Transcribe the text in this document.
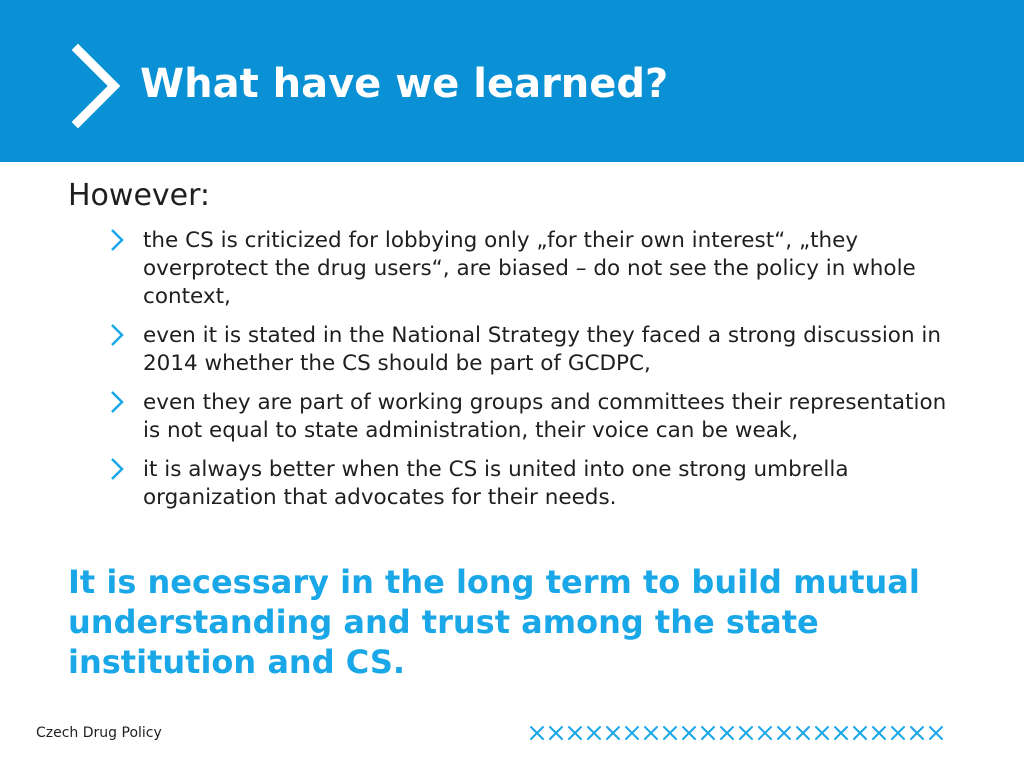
What have we learned?
However:
the CS is criticized for lobbying only „for their own interest“, „they overprotect the drug users“, are biased – do not see the policy in whole context,
even it is stated in the National Strategy they faced a strong discussion in 2014 whether the CS should be part of GCDPC,
even they are part of working groups and committees their representation is not equal to state administration, their voice can be weak,
it is always better when the CS is united into one strong umbrella organization that advocates for their needs.
It is necessary in the long term to build mutual understanding and trust among the state institution and CS.
Czech Drug Policy
